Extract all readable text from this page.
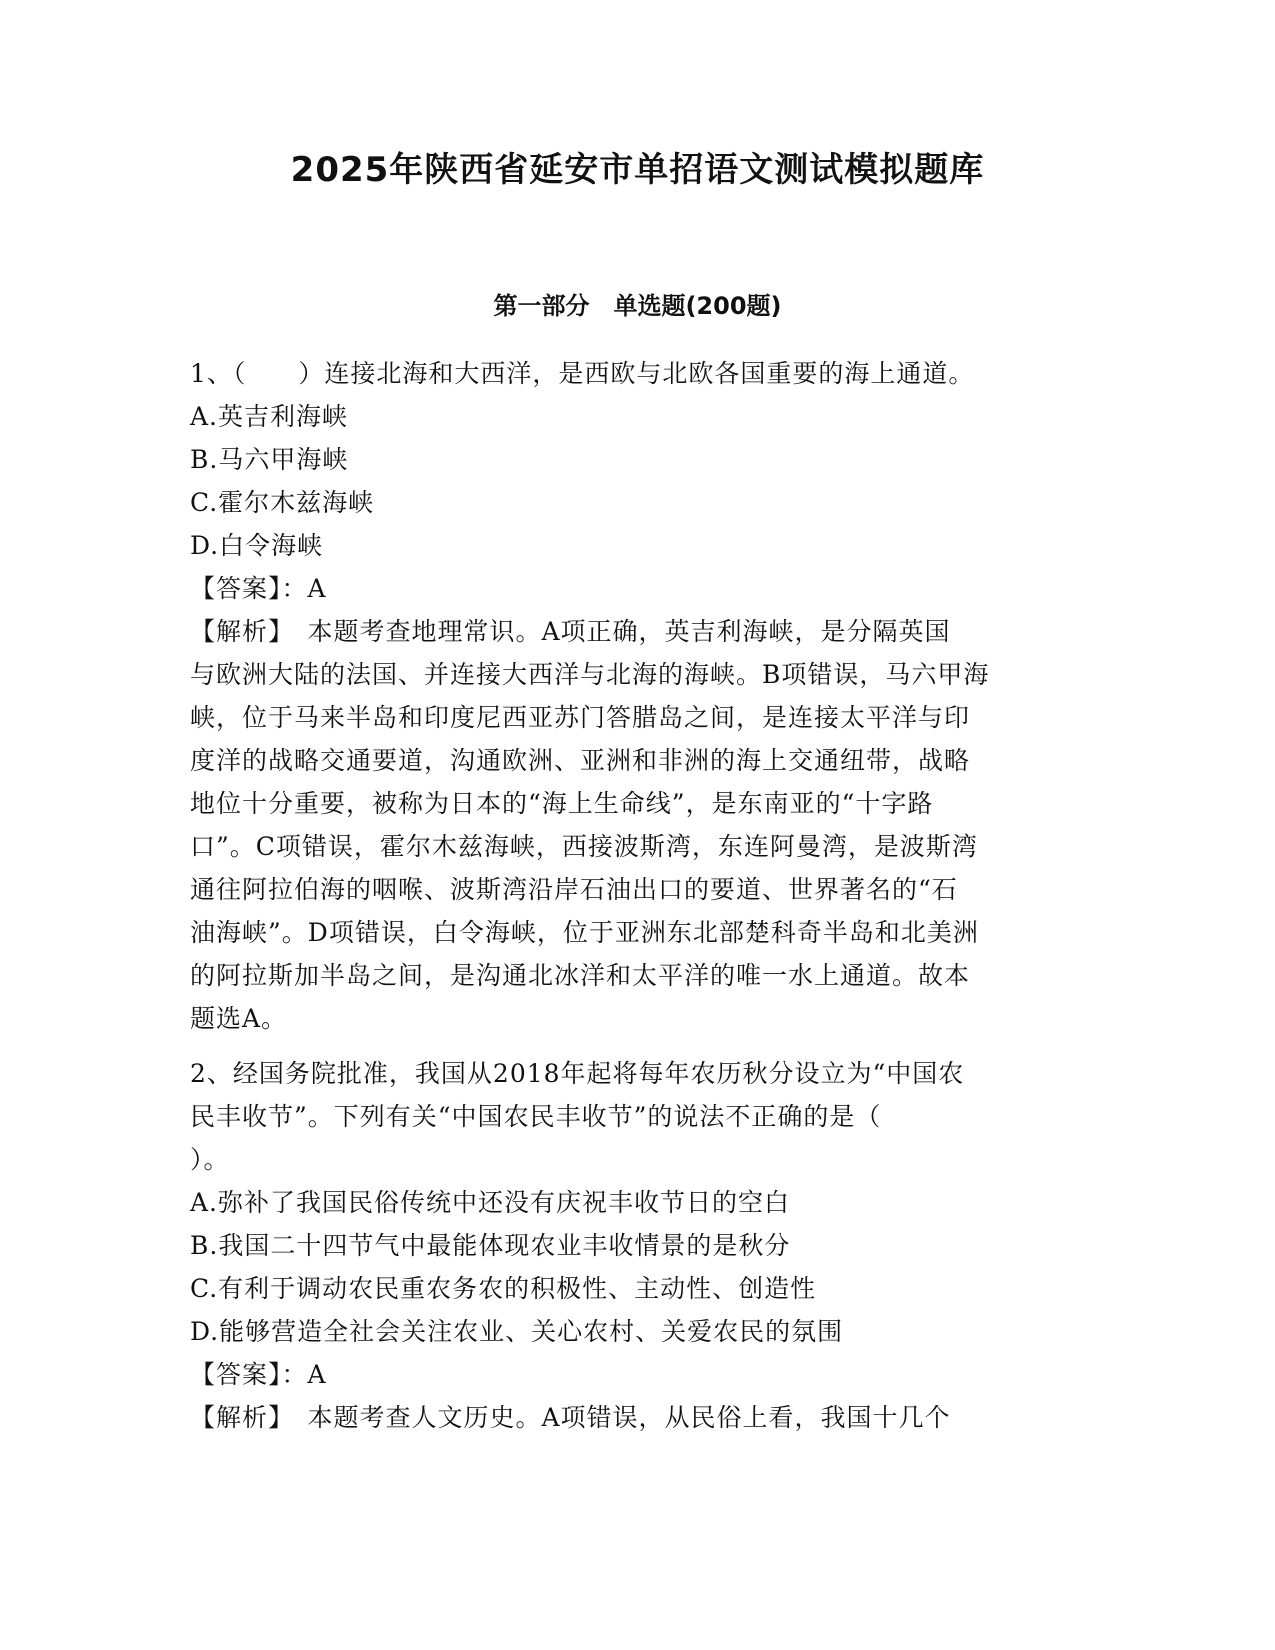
2025年陕西省延安市单招语文测试模拟题库
第一部分　单选题(200题)
1、（　　）连接北海和大西洋，是西欧与北欧各国重要的海上通道。
A.英吉利海峡
B.马六甲海峡
C.霍尔木兹海峡
D.白令海峡
【答案】：A
【解析】　本题考查地理常识。A项正确，英吉利海峡，是分隔英国
与欧洲大陆的法国、并连接大西洋与北海的海峡。B项错误，马六甲海
峡，位于马来半岛和印度尼西亚苏门答腊岛之间，是连接太平洋与印
度洋的战略交通要道，沟通欧洲、亚洲和非洲的海上交通纽带，战略
地位十分重要，被称为日本的“海上生命线”，是东南亚的“十字路
口”。C项错误，霍尔木兹海峡，西接波斯湾，东连阿曼湾，是波斯湾
通往阿拉伯海的咽喉、波斯湾沿岸石油出口的要道、世界著名的“石
油海峡”。D项错误，白令海峡，位于亚洲东北部楚科奇半岛和北美洲
的阿拉斯加半岛之间，是沟通北冰洋和太平洋的唯一水上通道。故本
题选A。
2、经国务院批准，我国从2018年起将每年农历秋分设立为“中国农
民丰收节”。下列有关“中国农民丰收节”的说法不正确的是（
）。
A.弥补了我国民俗传统中还没有庆祝丰收节日的空白
B.我国二十四节气中最能体现农业丰收情景的是秋分
C.有利于调动农民重农务农的积极性、主动性、创造性
D.能够营造全社会关注农业、关心农村、关爱农民的氛围
【答案】：A
【解析】　本题考查人文历史。A项错误，从民俗上看，我国十几个
